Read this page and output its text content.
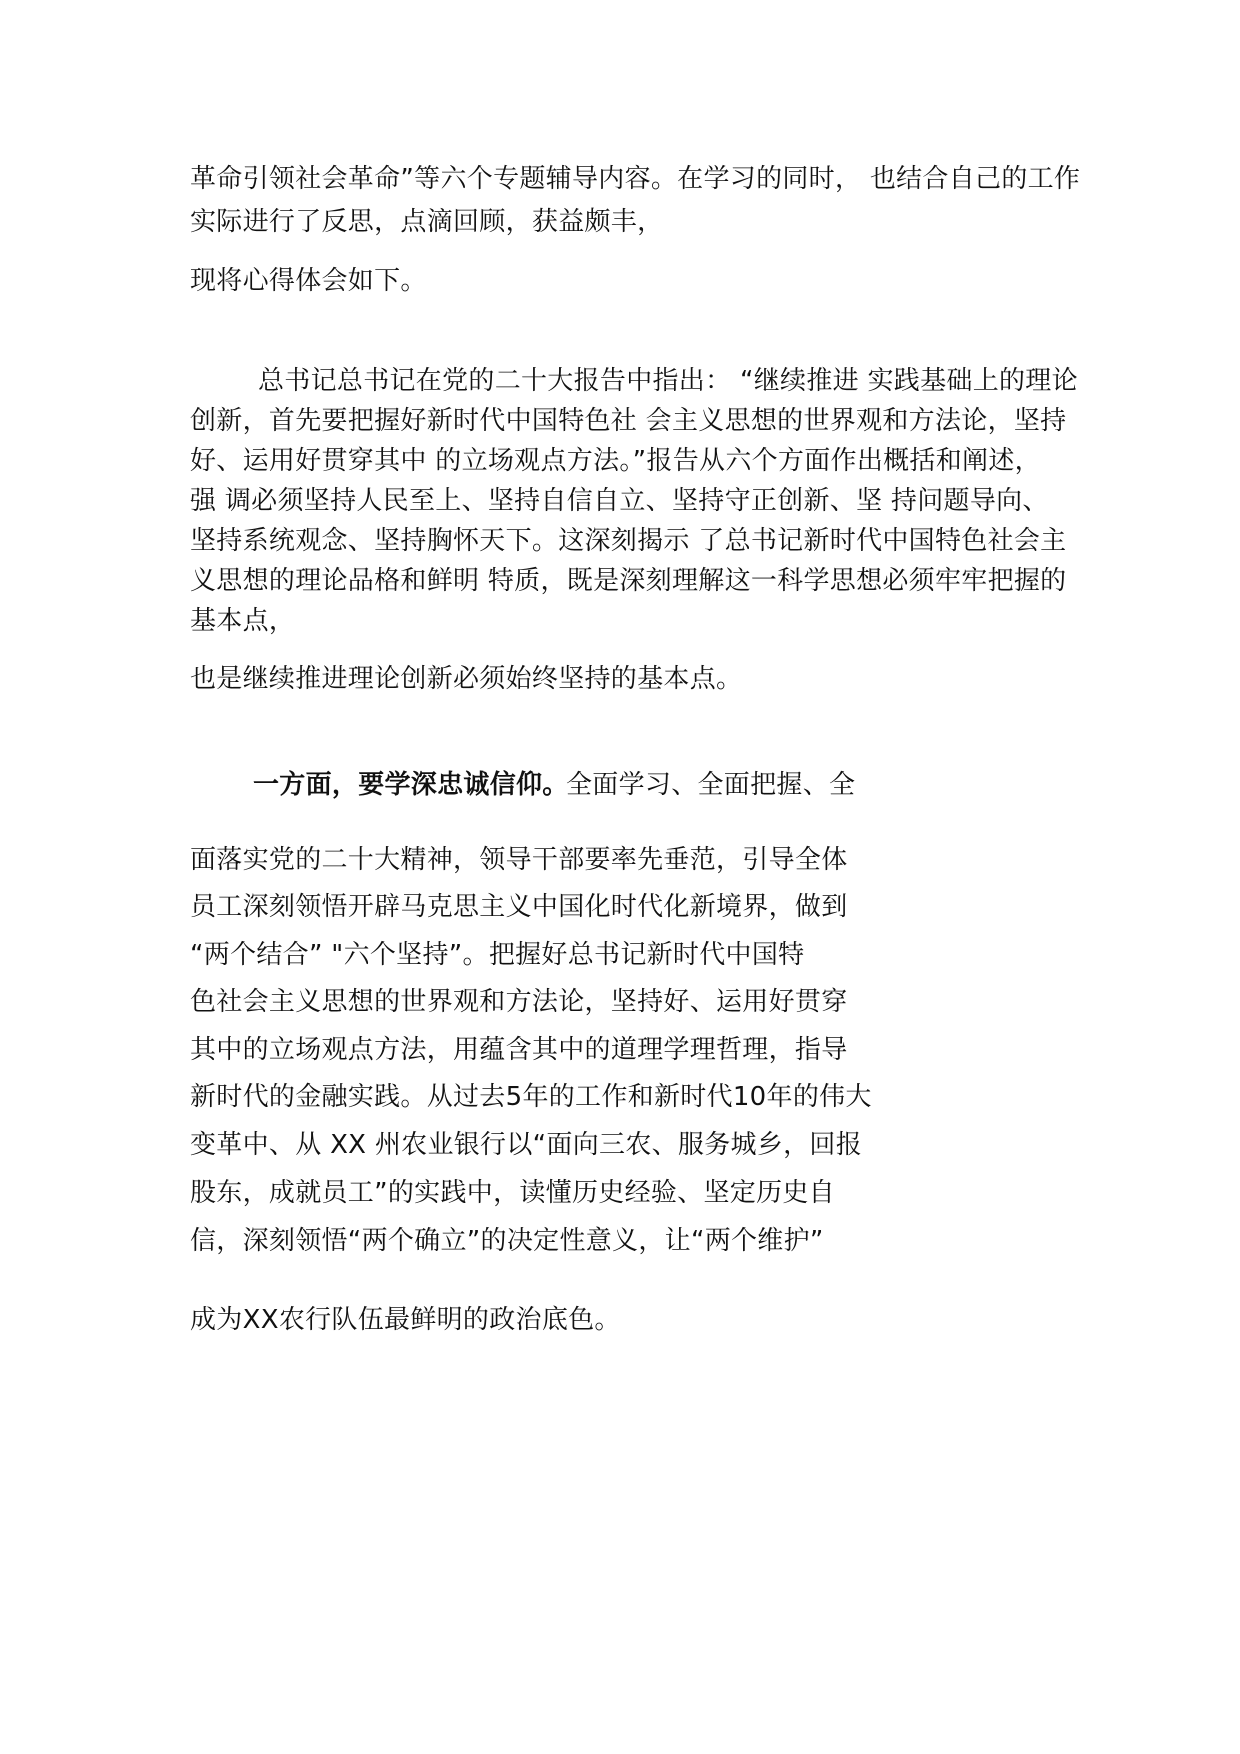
革命引领社会革命”等六个专题辅导内容。在学习的同时， 也结合自己的工作
实际进行了反思，点滴回顾，获益颇丰，
现将心得体会如下。
总书记总书记在党的二十大报告中指出： “继续推进 实践基础上的理论
创新，首先要把握好新时代中国特色社 会主义思想的世界观和方法论，坚持
好、运用好贯穿其中 的立场观点方法。”报告从六个方面作出概括和阐述，
强 调必须坚持人民至上、坚持自信自立、坚持守正创新、坚 持问题导向、
坚持系统观念、坚持胸怀天下。这深刻揭示 了总书记新时代中国特色社会主
义思想的理论品格和鲜明 特质，既是深刻理解这一科学思想必须牢牢把握的
基本点，
也是继续推进理论创新必须始终坚持的基本点。
一方面，要学深忠诚信仰。
全面学习、全面把握、全
面落实党的二十大精神，领导干部要率先垂范，引导全体
员工深刻领悟开辟马克思主义中国化时代化新境界，做到
“两个结合” "六个坚持”。把握好总书记新时代中国特
色社会主义思想的世界观和方法论，坚持好、运用好贯穿
其中的立场观点方法，用蕴含其中的道理学理哲理，指导
新时代的金融实践。从过去5年的工作和新时代10年的伟大
变革中、从 XX 州农业银行以“面向三农、服务城乡，回报
股东，成就员工”的实践中，读懂历史经验、坚定历史自
信，深刻领悟“两个确立”的决定性意义，让“两个维护”
成为XX农行队伍最鲜明的政治底色。
